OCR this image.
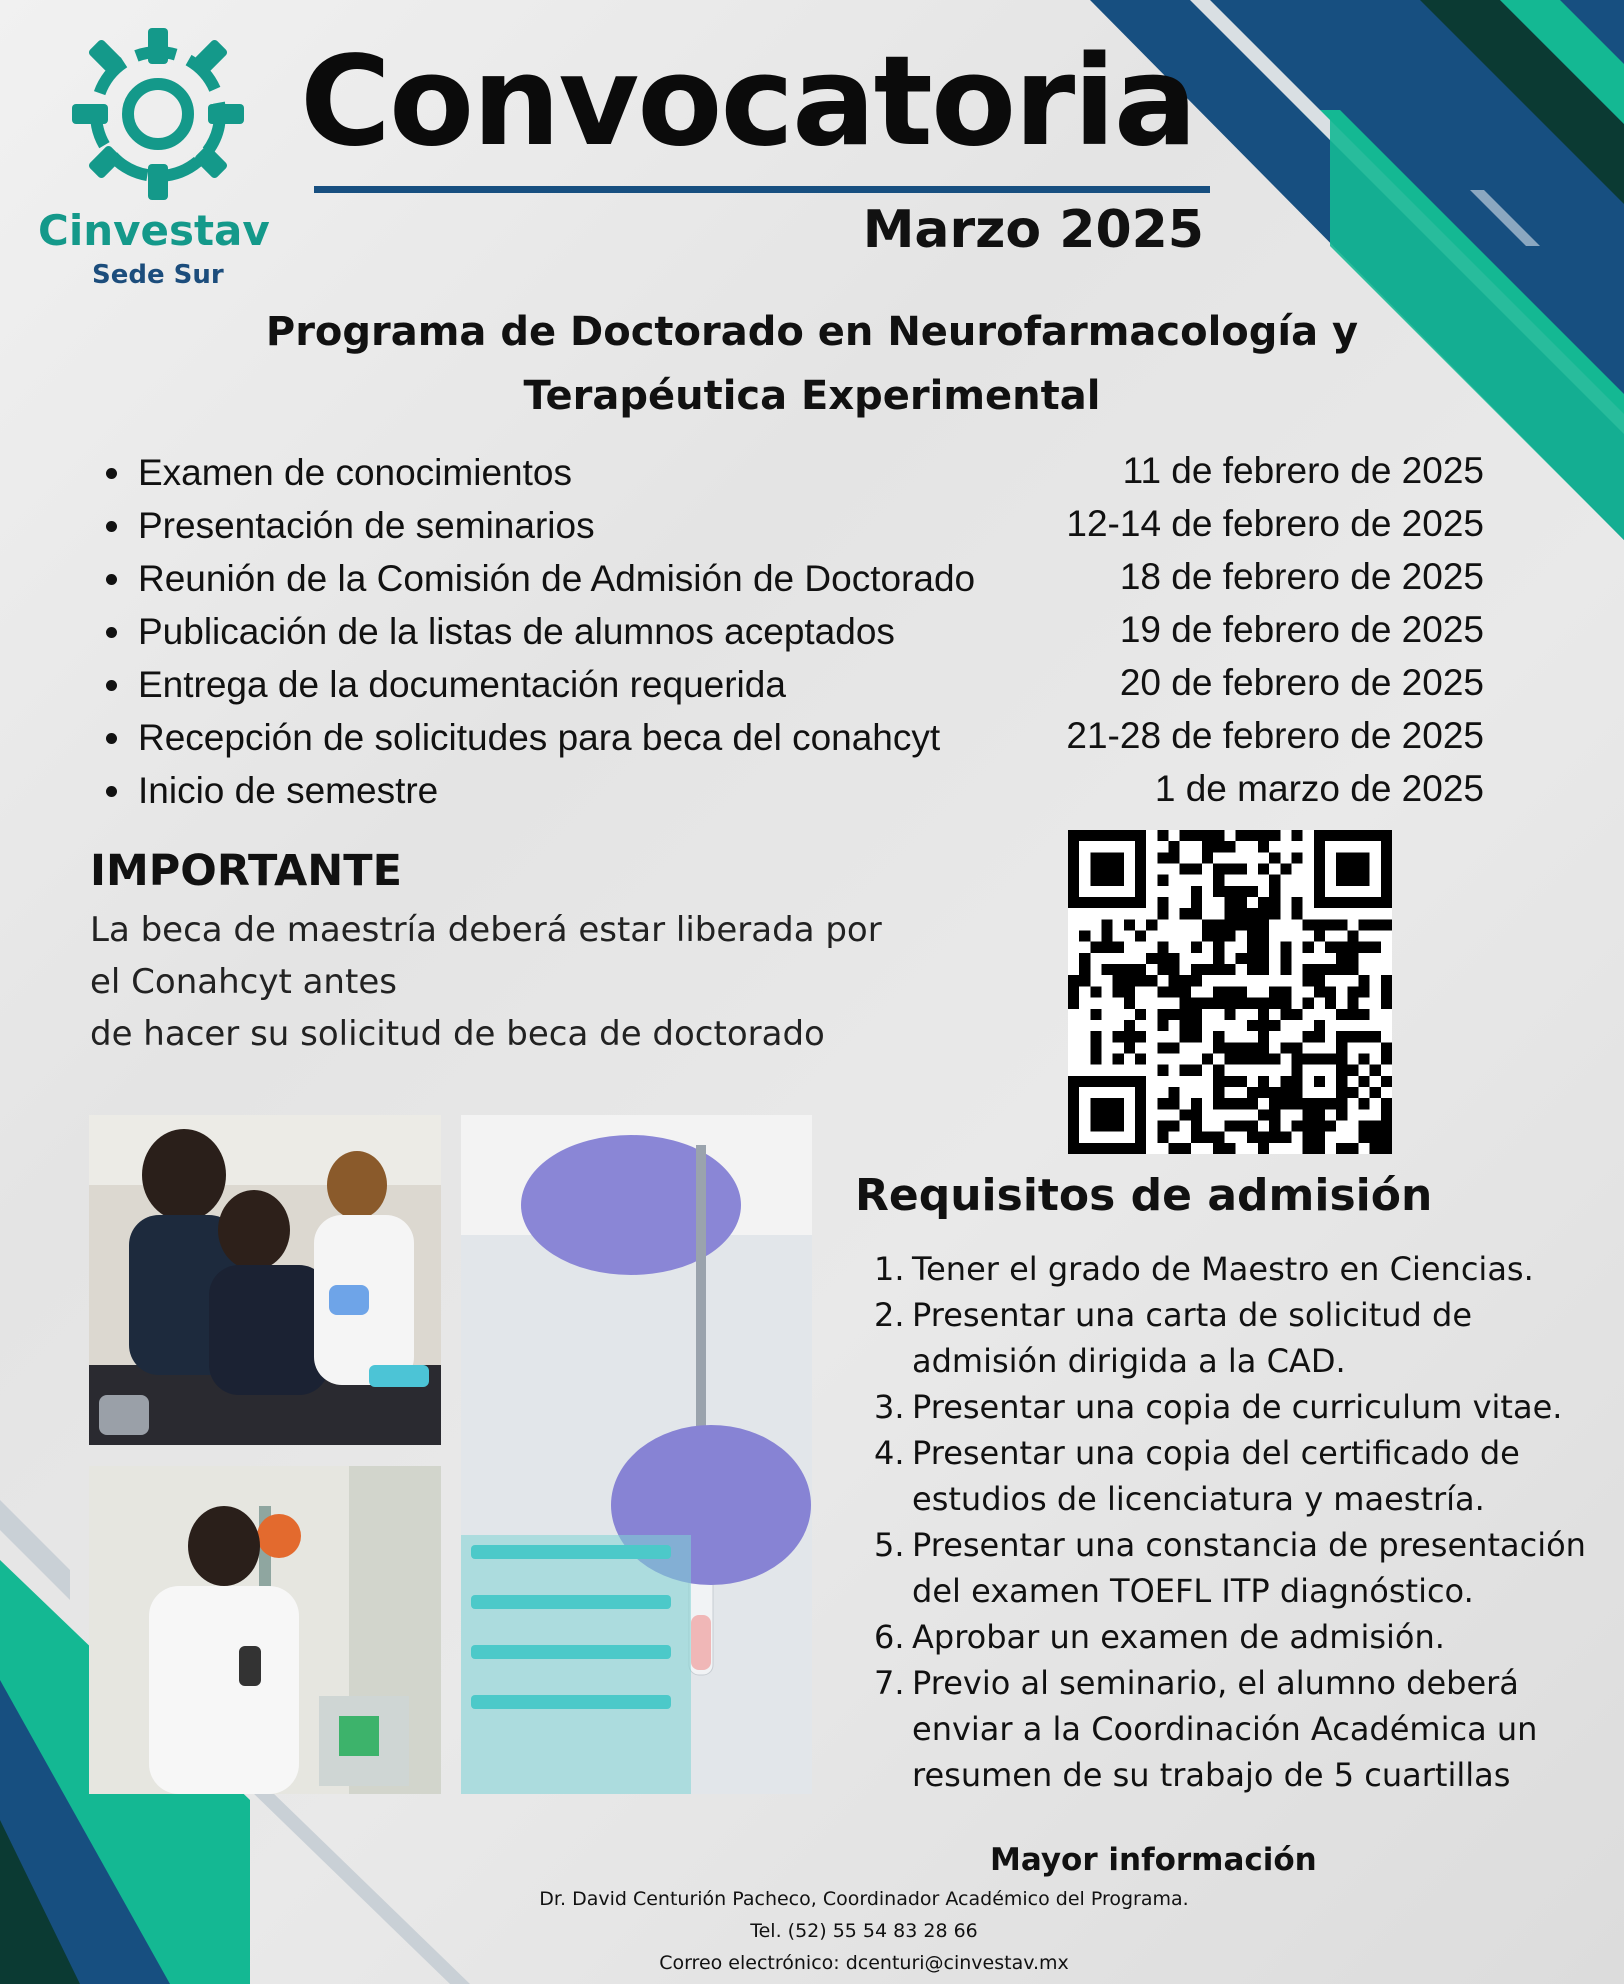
Cinvestav
Sede Sur
Convocatoria
Marzo 2025
Programa de Doctorado en Neurofarmacología y
Terapéutica Experimental
Examen de conocimientos	11 de febrero de 2025
Presentación de seminarios	12-14 de febrero de 2025
Reunión de la Comisión de Admisión de Doctorado	18 de febrero de 2025
Publicación de la listas de alumnos aceptados	19 de febrero de 2025
Entrega de la documentación requerida	20 de febrero de 2025
Recepción de solicitudes para beca del conahcyt	21-28 de febrero de 2025
Inicio de semestre	1 de marzo de 2025
IMPORTANTE
La beca de maestría deberá estar liberada por
el Conahcyt antes
de hacer su solicitud de beca de doctorado
Requisitos de admisión
1. Tener el grado de Maestro en Ciencias.
2. Presentar una carta de solicitud de admisión dirigida a la CAD.
3. Presentar una copia de curriculum vitae.
4. Presentar una copia del certificado de estudios de licenciatura y maestría.
5. Presentar una constancia de presentación del examen TOEFL ITP diagnóstico.
6. Aprobar un examen de admisión.
7. Previo al seminario, el alumno deberá enviar a la Coordinación Académica un resumen de su trabajo de 5 cuartillas
Mayor información
Dr. David Centurión Pacheco, Coordinador Académico del Programa.
Tel. (52) 55 54 83 28 66
Correo electrónico: dcenturi@cinvestav.mx
